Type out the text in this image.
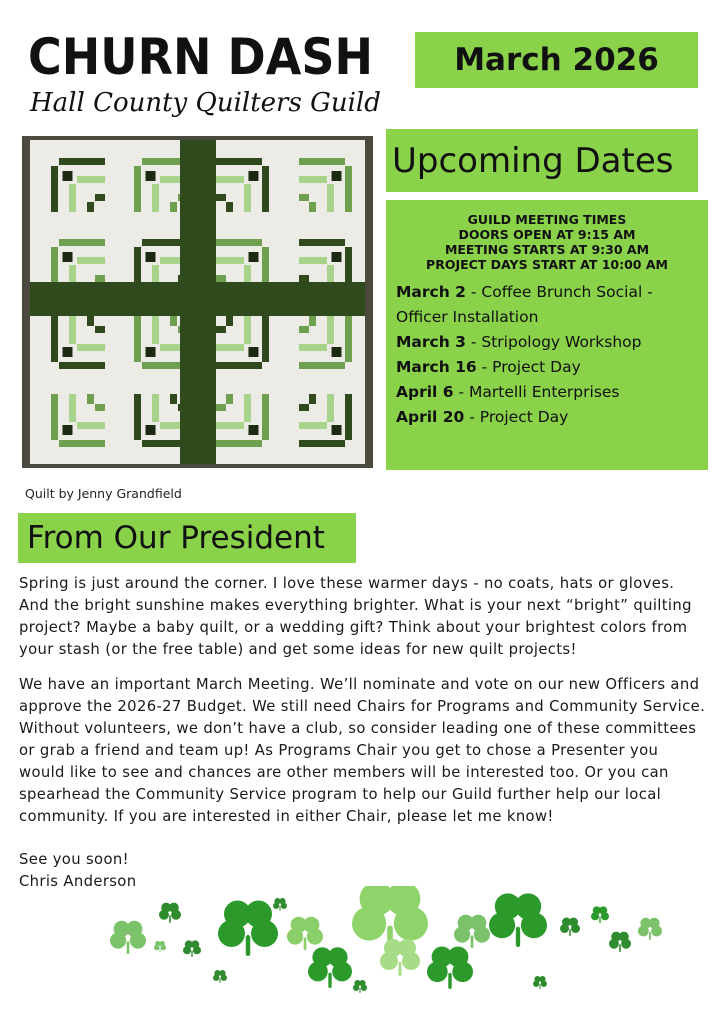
CHURN DASH	March 2026
Hall County Quilters Guild
Quilt by Jenny Grandfield
Upcoming Dates
GUILD MEETING TIMES
DOORS OPEN AT 9:15 AM
MEETING STARTS AT 9:30 AM
PROJECT DAYS START AT 10:00 AM
March 2 - Coffee Brunch Social - Officer Installation
March 3 - Stripology Workshop
March 16 - Project Day
April 6 - Martelli Enterprises
April 20 - Project Day
From Our President
Spring is just around the corner. I love these warmer days - no coats, hats or gloves. And the bright sunshine makes everything brighter. What is your next “bright” quilting project? Maybe a baby quilt, or a wedding gift? Think about your brightest colors from your stash (or the free table) and get some ideas for new quilt projects!
We have an important March Meeting. We’ll nominate and vote on our new Officers and approve the 2026-27 Budget. We still need Chairs for Programs and Community Service. Without volunteers, we don’t have a club, so consider leading one of these committees or grab a friend and team up! As Programs Chair you get to chose a Presenter you would like to see and chances are other members will be interested too. Or you can spearhead the Community Service program to help our Guild further help our local community. If you are interested in either Chair, please let me know!
See you soon!
Chris Anderson
